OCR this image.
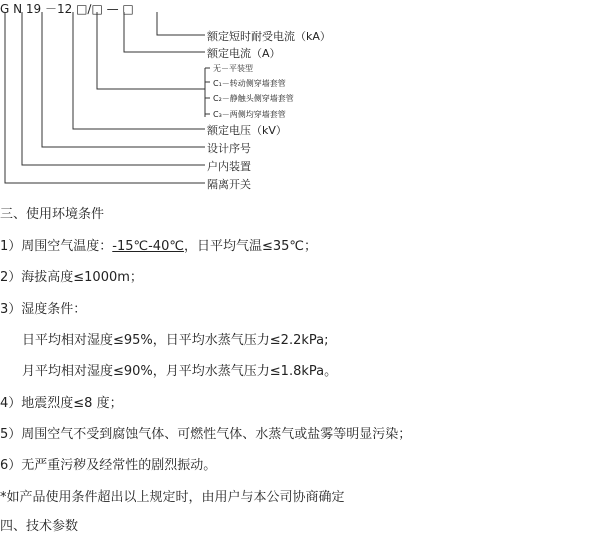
G N 19 －12 □∕□ — □
额定短时耐受电流（kA）
额定电流（A）
无－平装型
C₁－转动侧穿墙套管
C₂－静触头侧穿墙套管
C₃－两侧均穿墙套管
额定电压（kV）
设计序号
户内装置
隔离开关
三、使用环境条件
1）周围空气温度：-15℃-40℃，日平均气温≤35℃；
2）海拔高度≤1000m；
3）湿度条件：
日平均相对湿度≤95%，日平均水蒸气压力≤2.2kPa;
月平均相对湿度≤90%，月平均水蒸气压力≤1.8kPa。
4）地震烈度≤8 度；
5）周围空气不受到腐蚀气体、可燃性气体、水蒸气或盐雾等明显污染；
6）无严重污秽及经常性的剧烈振动。
*如产品使用条件超出以上规定时，由用户与本公司协商确定
四、技术参数
